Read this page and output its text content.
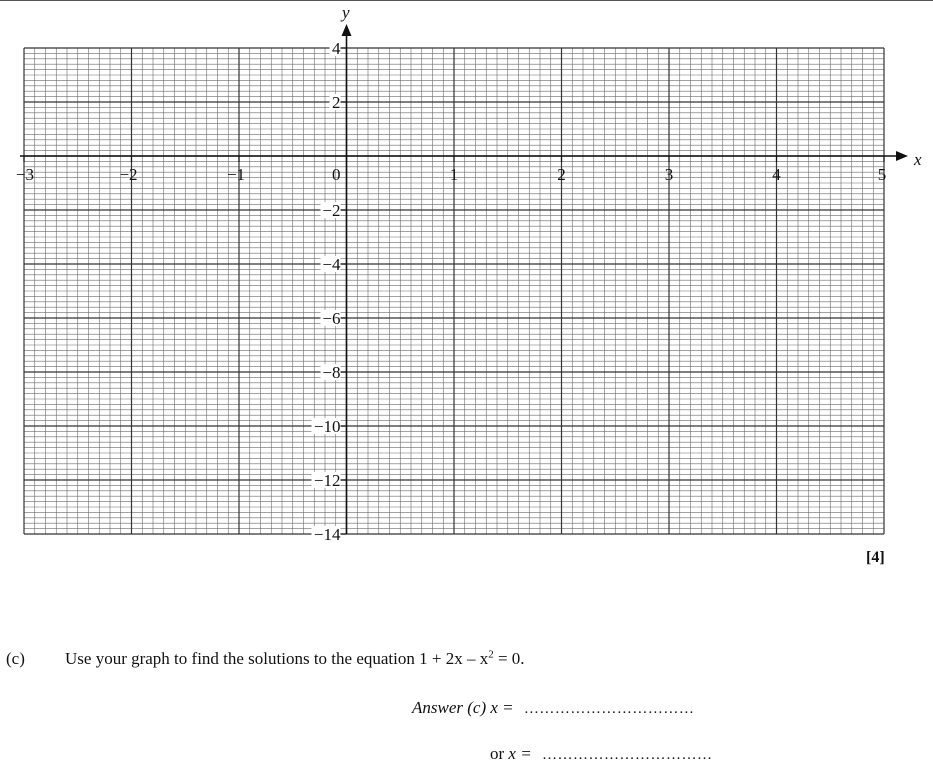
−3	−2	−1	0	1	2	3	4	5
4
2
−2
−4
−6
−8
−10
−12
−14
x
y
[4]
(c) Use your graph to find the solutions to the equation $1 + 2x - x^2 = 0$.
Answer (c) x = ……………………………
or x = ……………………………
